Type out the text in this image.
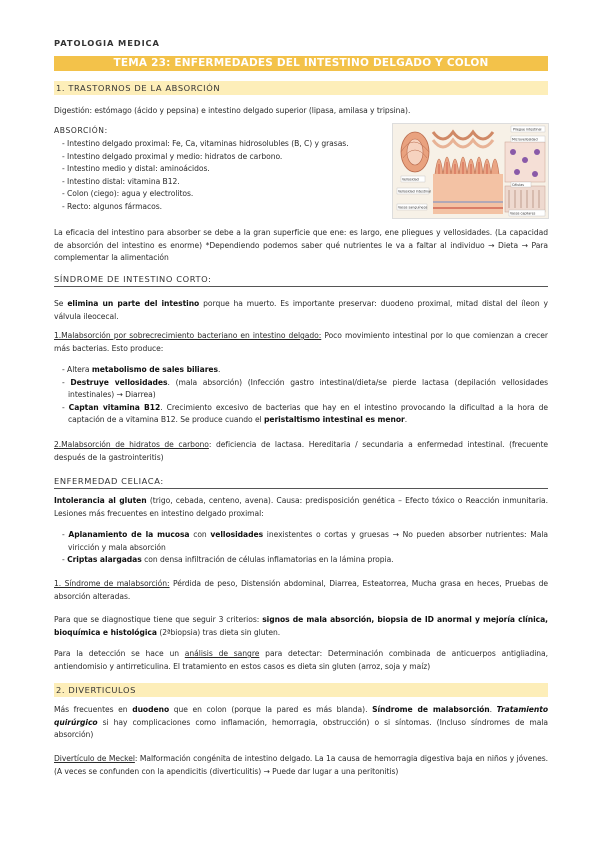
PATOLOGIA MEDICA
TEMA 23: ENFERMEDADES DEL INTESTINO DELGADO Y COLON
1. TRASTORNOS DE LA ABSORCIÓN
Digestión: estómago (ácido y pepsina) e intestino delgado superior (lipasa, amilasa y tripsina).
ABSORCIÓN:
- Intestino delgado proximal: Fe, Ca, vitaminas hidrosolubles (B, C) y grasas.
- Intestino delgado proximal y medio: hidratos de carbono.
- Intestino medio y distal: aminoácidos.
- Intestino distal: vitamina B12.
- Colon (ciego): agua y electrolitos.
- Recto: algunos fármacos.
Pliegue intestinal
Vellosidad
Microvellosidad
Células
Vellosidad intestinal
Vasos sanguíneos
Vasos capilares
La eficacia del intestino para absorber se debe a la gran superficie que ene: es largo, ene pliegues y vellosidades. (La capacidad de absorción del intestino es enorme) *Dependiendo podemos saber qué nutrientes le va a faltar al individuo → Dieta → Para complementar la alimentación
SÍNDROME DE INTESTINO CORTO:
Se elimina un parte del intestino porque ha muerto. Es importante preservar: duodeno proximal, mitad distal del íleon y válvula ileocecal.
1.Malabsorción por sobrecrecimiento bacteriano en intestino delgado: Poco movimiento intestinal por lo que comienzan a crecer más bacterias. Esto produce:
- Altera metabolismo de sales biliares.
- Destruye vellosidades. (mala absorción) (Infección gastro intestinal/dieta/se pierde lactasa (depilación vellosidades intestinales) → Diarrea)
- Captan vitamina B12. Crecimiento excesivo de bacterias que hay en el intestino provocando la dificultad a la hora de captación de a vitamina B12. Se produce cuando el peristaltismo intestinal es menor.
2.Malabsorción de hidratos de carbono: deficiencia de lactasa. Hereditaria / secundaria a enfermedad intestinal. (frecuente después de la gastrointeritis)
ENFERMEDAD CELIACA:
Intolerancia al gluten (trigo, cebada, centeno, avena). Causa: predisposición genética – Efecto tóxico o Reacción inmunitaria. Lesiones más frecuentes en intestino delgado proximal:
- Aplanamiento de la mucosa con vellosidades inexistentes o cortas y gruesas → No pueden absorber nutrientes: Mala viricción y mala absorción
- Criptas alargadas con densa infiltración de células inflamatorias en la lámina propia.
1. Síndrome de malabsorción: Pérdida de peso, Distensión abdominal, Diarrea, Esteatorrea, Mucha grasa en heces, Pruebas de absorción alteradas.
Para que se diagnostique tiene que seguir 3 criterios: signos de mala absorción, biopsia de ID anormal y mejoría clínica, bioquímica e histológica (2ªbiopsia) tras dieta sin gluten.
Para la detección se hace un análisis de sangre para detectar: Determinación combinada de anticuerpos antigliadina, antiendomisio y antirreticulina. El tratamiento en estos casos es dieta sin gluten (arroz, soja y maíz)
2. DIVERTICULOS
Más frecuentes en duodeno que en colon (porque la pared es más blanda). Síndrome de malabsorción. Tratamiento quirúrgico si hay complicaciones como inflamación, hemorragia, obstrucción) o si síntomas. (Incluso síndromes de mala absorción)
Divertículo de Meckel: Malformación congénita de intestino delgado. La 1a causa de hemorragia digestiva baja en niños y jóvenes. (A veces se confunden con la apendicitis (diverticulitis) → Puede dar lugar a una peritonitis)
